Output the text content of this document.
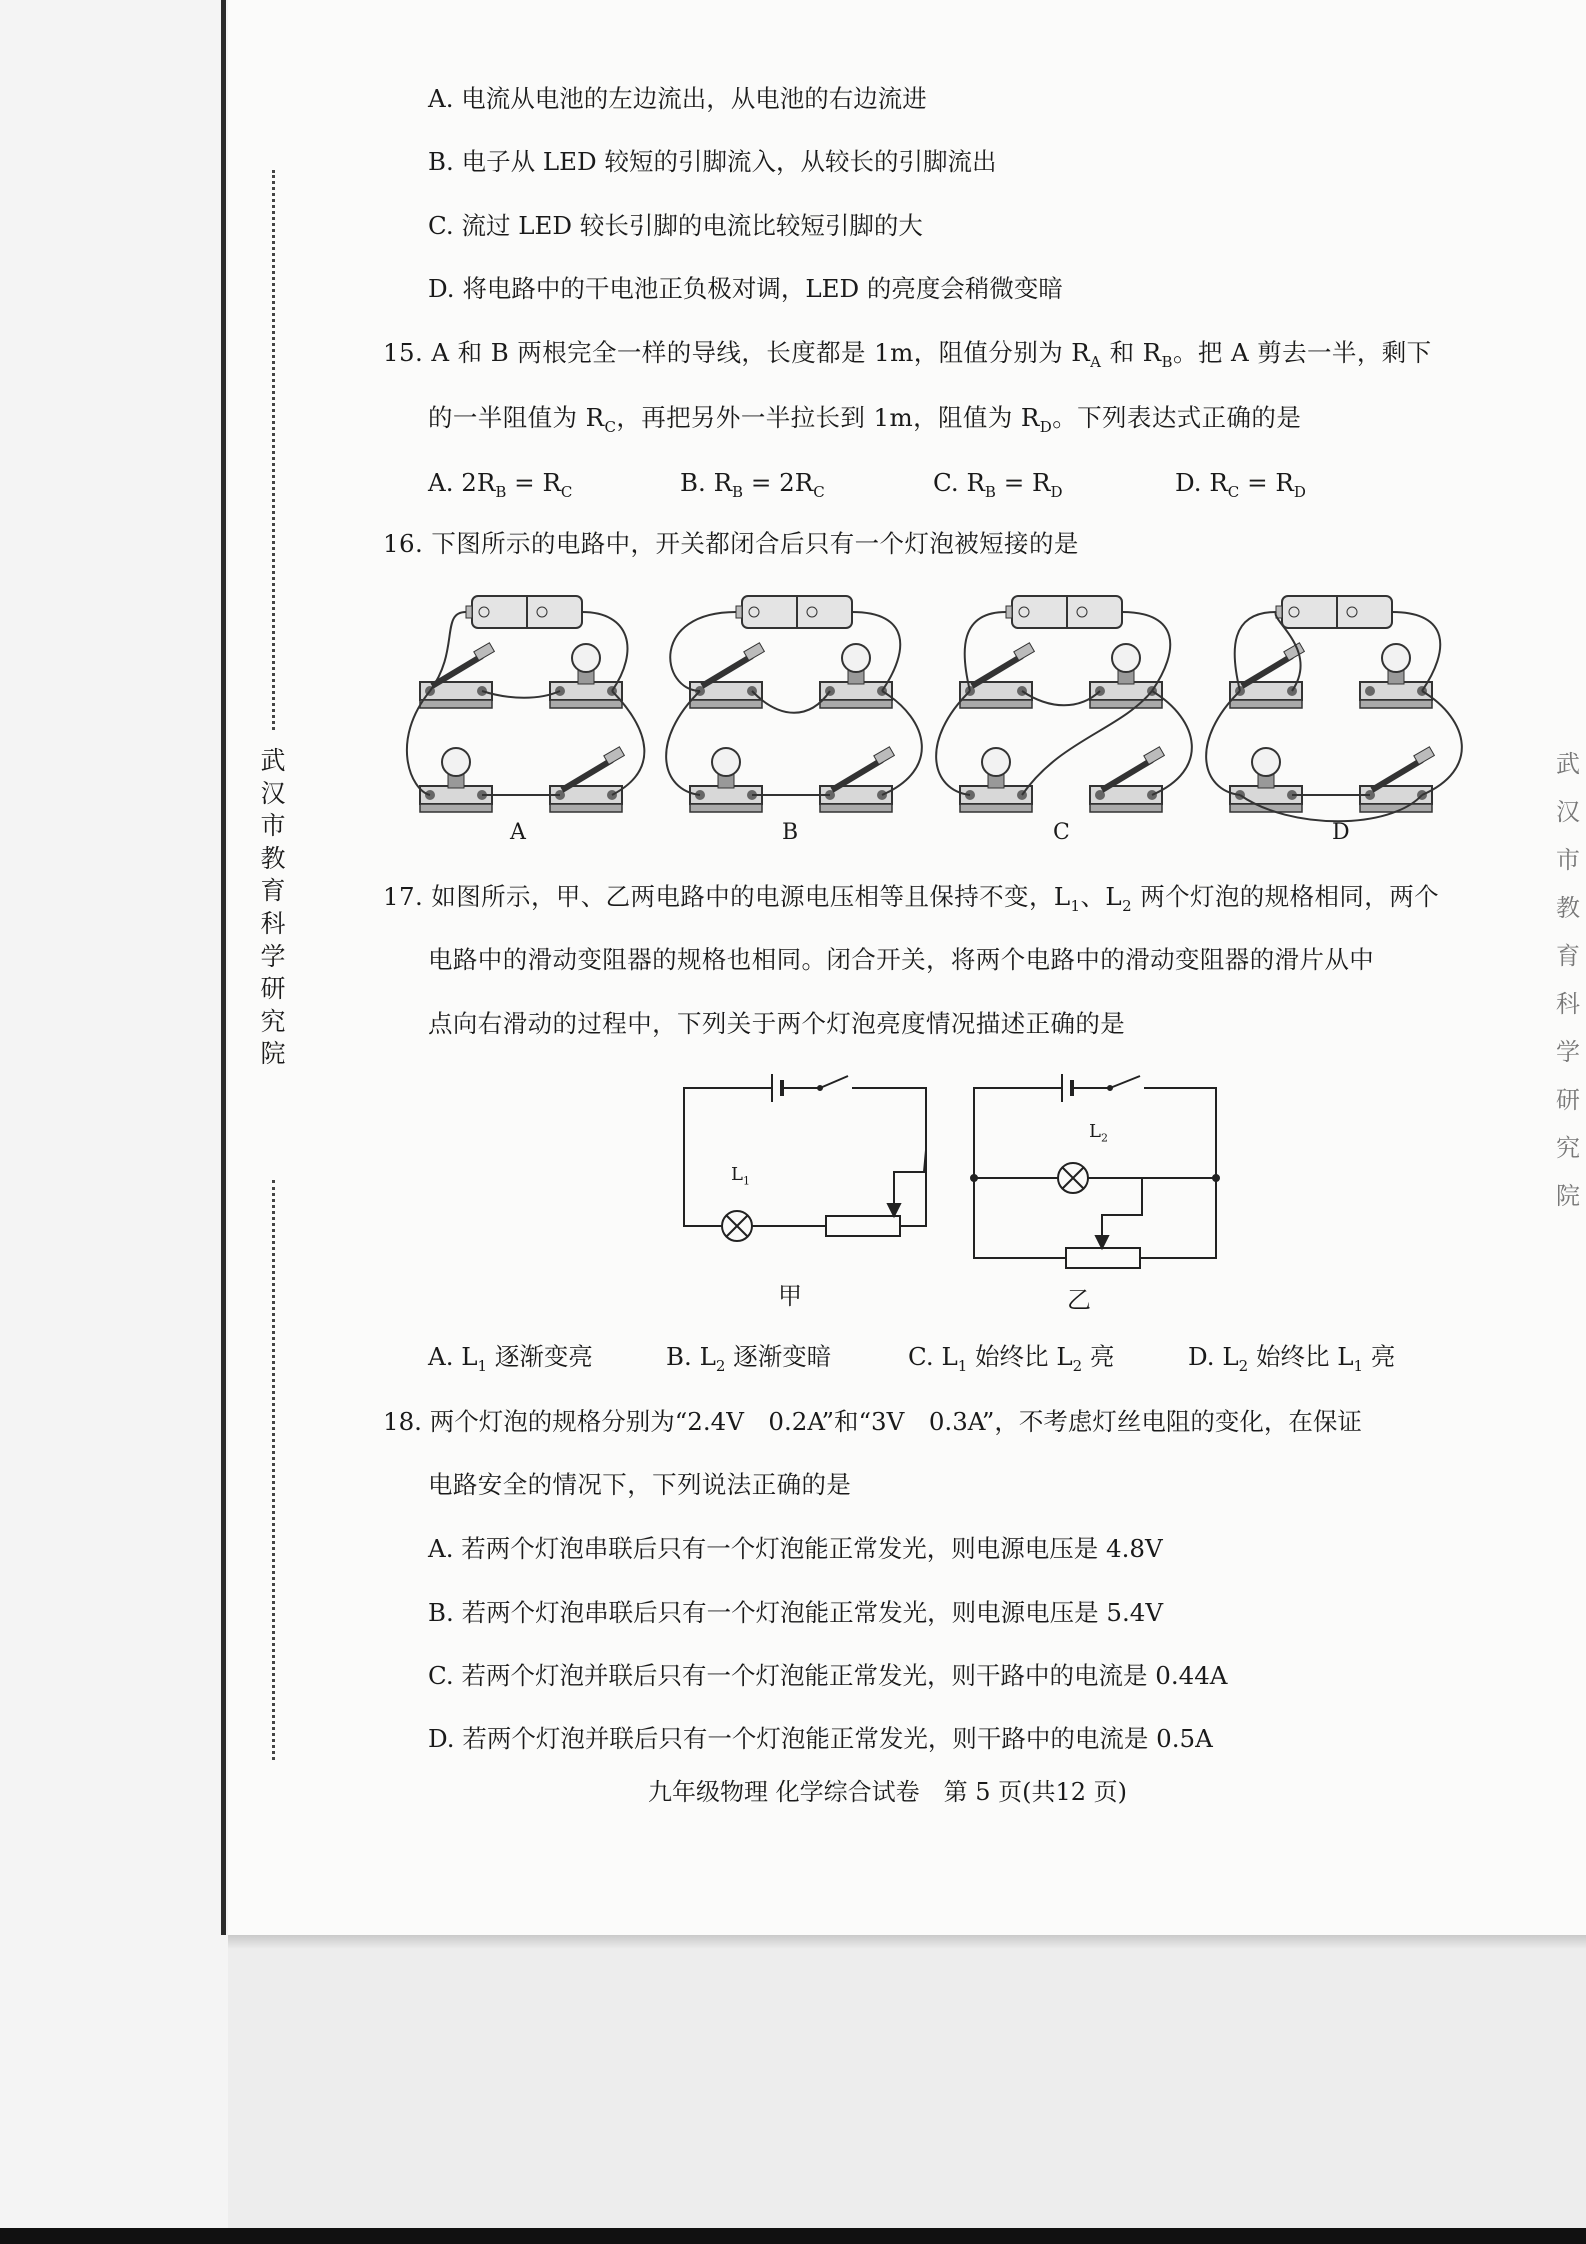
武汉市教育科学研究院
武汉市教育科学研究院
A. 电流从电池的左边流出，从电池的右边流进
B. 电子从 LED 较短的引脚流入，从较长的引脚流出
C. 流过 LED 较长引脚的电流比较短引脚的大
D. 将电路中的干电池正负极对调，LED 的亮度会稍微变暗
15. A 和 B 两根完全一样的导线，长度都是 1m，阻值分别为 $R_A$ 和 $R_B$。把 A 剪去一半，剩下
的一半阻值为 $R_C$，再把另外一半拉长到 1m，阻值为 $R_D$。下列表达式正确的是
A. $2R_B = R_C$	B. $R_B = 2R_C$	C. $R_B = R_D$	D. $R_C = R_D$
16. 下图所示的电路中，开关都闭合后只有一个灯泡被短接的是
A	B	C	D
17. 如图所示，甲、乙两电路中的电源电压相等且保持不变，$L_1$、$L_2$ 两个灯泡的规格相同，两个
电路中的滑动变阻器的规格也相同。闭合开关，将两个电路中的滑动变阻器的滑片从中
点向右滑动的过程中，下列关于两个灯泡亮度情况描述正确的是
$L_1$
$L_2$
甲	乙
A. $L_1$ 逐渐变亮	B. $L_2$ 逐渐变暗	C. $L_1$ 始终比 $L_2$ 亮	D. $L_2$ 始终比 $L_1$ 亮
18. 两个灯泡的规格分别为“2.4V　0.2A”和“3V　0.3A”，不考虑灯丝电阻的变化，在保证
电路安全的情况下，下列说法正确的是
A. 若两个灯泡串联后只有一个灯泡能正常发光，则电源电压是 4.8V
B. 若两个灯泡串联后只有一个灯泡能正常发光，则电源电压是 5.4V
C. 若两个灯泡并联后只有一个灯泡能正常发光，则干路中的电流是 0.44A
D. 若两个灯泡并联后只有一个灯泡能正常发光，则干路中的电流是 0.5A
九年级物理 化学综合试卷　第 5 页(共12 页)
